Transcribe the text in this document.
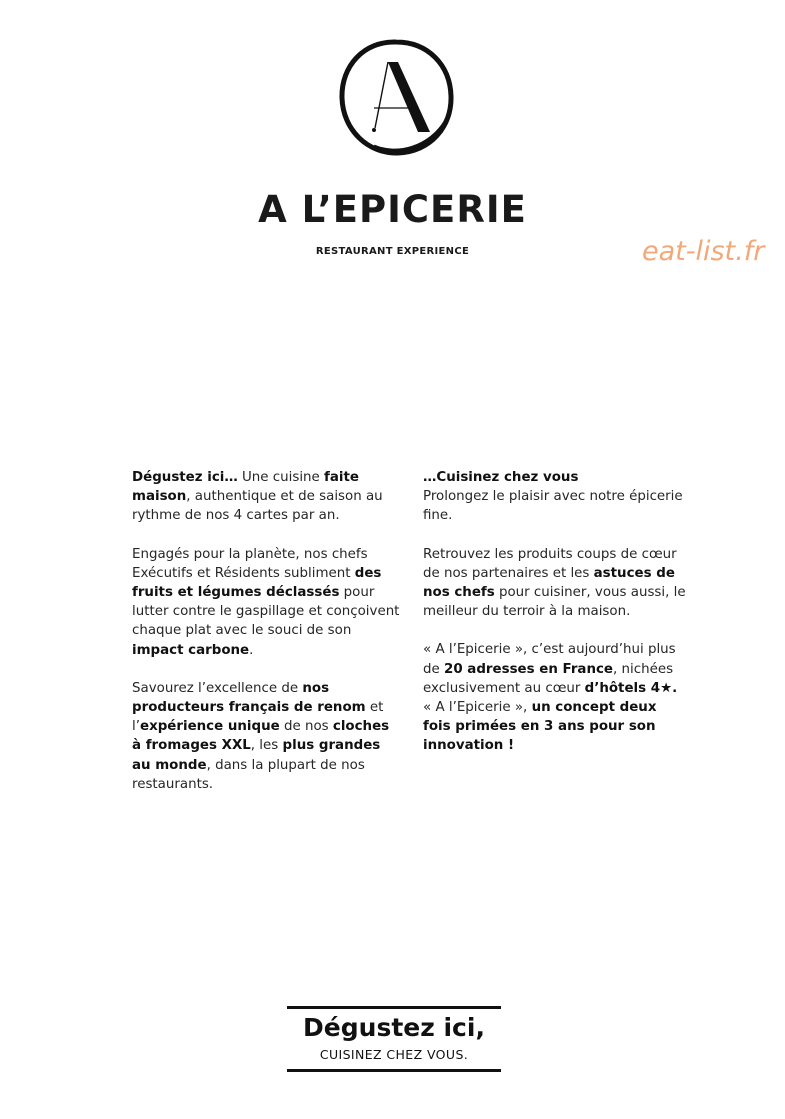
A L’EPICERIE
RESTAURANT EXPERIENCE	eat-list.fr

Dégustez ici… Une cuisine faite maison, authentique et de saison au rythme de nos 4 cartes par an.

Engagés pour la planète, nos chefs Exécutifs et Résidents subliment des fruits et légumes déclassés pour lutter contre le gaspillage et conçoivent chaque plat avec le souci de son impact carbone.

Savourez l’excellence de nos producteurs français de renom et l’expérience unique de nos cloches à fromages XXL, les plus grandes au monde, dans la plupart de nos restaurants.

…Cuisinez chez vous
Prolongez le plaisir avec notre épicerie fine.

Retrouvez les produits coups de cœur de nos partenaires et les astuces de nos chefs pour cuisiner, vous aussi, le meilleur du terroir à la maison.

« A l’Epicerie », c’est aujourd’hui plus de 20 adresses en France, nichées exclusivement au cœur d’hôtels 4★.
« A l’Epicerie », un concept deux fois primées en 3 ans pour son innovation !

Dégustez ici,
CUISINEZ CHEZ VOUS.
